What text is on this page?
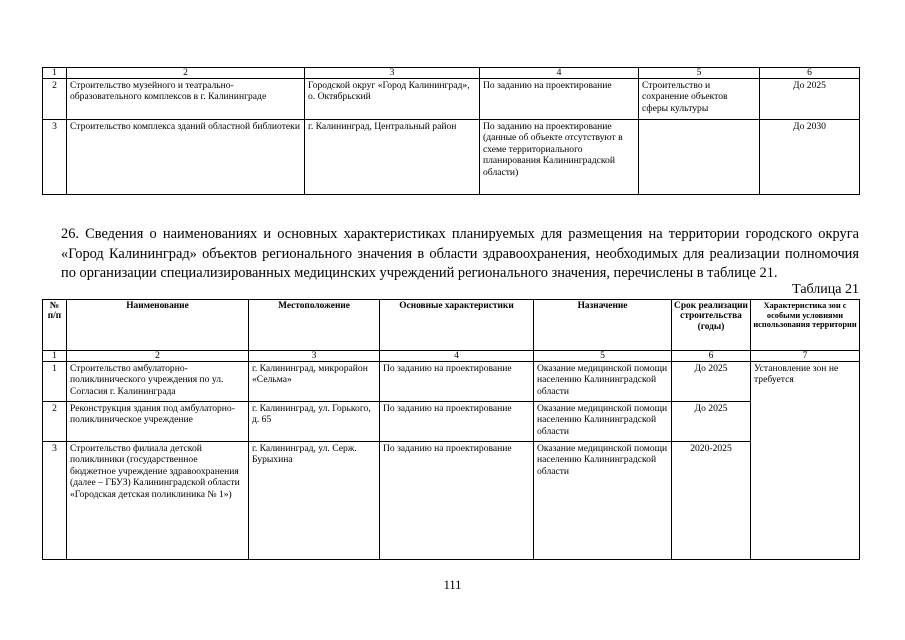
1	2	3	4	5	6
2	Строительство музейного и театрально-образовательного комплексов в г. Калининграде	Городской округ «Город Калининград», о. Октябрьский	По заданию на проектирование	Строительство и сохранение объектов сферы культуры	До 2025
3	Строительство комплекса зданий областной библиотеки	г. Калининград, Центральный район	По заданию на проектирование (данные об объекте отсутствуют в схеме территориального планирования Калининградской области)		До 2030

26. Сведения о наименованиях и основных характеристиках планируемых для размещения на территории городского округа «Город Калининград» объектов регионального значения в области здравоохранения, необходимых для реализации полномочия по организации специализированных медицинских учреждений регионального значения, перечислены в таблице 21.

Таблица 21
№ п/п	Наименование	Местоположение	Основные характеристики	Назначение	Срок реализации строительства (годы)	Характеристика зон с особыми условиями использования территории
1	2	3	4	5	6	7
1	Строительство амбулаторно-поликлинического учреждения по ул. Согласия г. Калининграда	г. Калининград, микрорайон «Сельма»	По заданию на проектирование	Оказание медицинской помощи населению Калининградской области	До 2025	Установление зон не требуется
2	Реконструкция здания под амбулаторно-поликлиническое учреждение	г. Калининград, ул. Горького, д. 65	По заданию на проектирование	Оказание медицинской помощи населению Калининградской области	До 2025	
3	Строительство филиала детской поликлиники (государственное бюджетное учреждение здравоохранения (далее – ГБУЗ) Калининградской области «Городская детская поликлиника № 1»)	г. Калининград, ул. Серж. Бурыхина	По заданию на проектирование	Оказание медицинской помощи населению Калининградской области	2020-2025	
111
